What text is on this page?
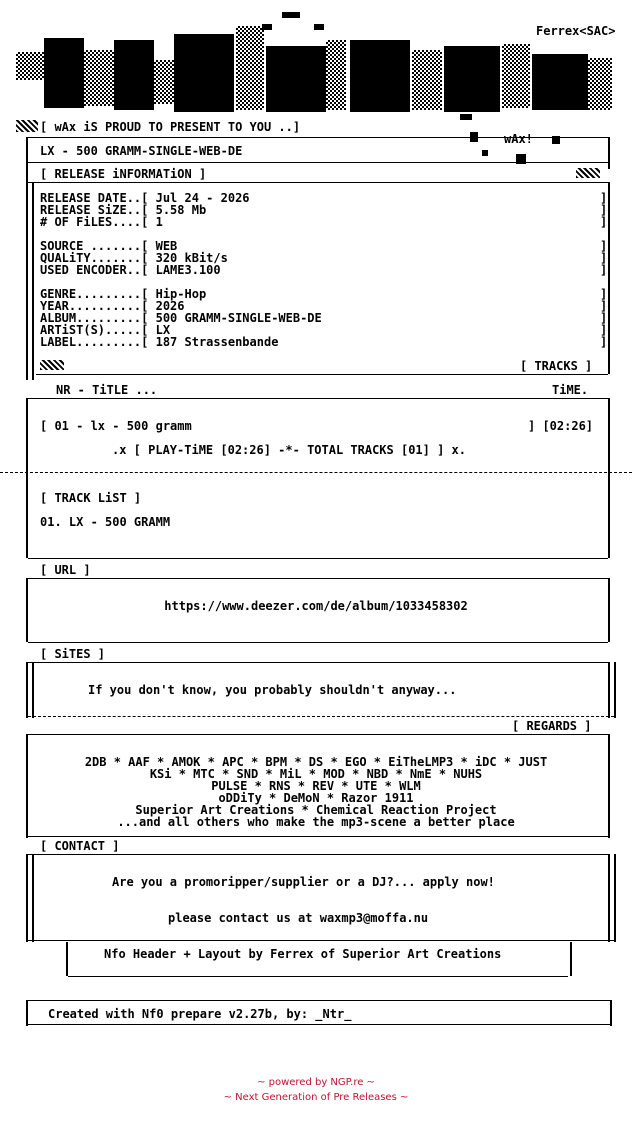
Ferrex<SAC>
[ wAx iS PROUD TO PRESENT TO YOU ..]
wAx!
LX - 500 GRAMM-SINGLE-WEB-DE
[ RELEASE iNFORMATiON ]
RELEASE DATE..[ Jul 24 - 2026
RELEASE SiZE..[ 5.58 Mb
# OF FiLES....[ 1
SOURCE .......[ WEB
QUALiTY.......[ 320 kBit/s
USED ENCODER..[ LAME3.100
GENRE.........[ Hip-Hop
YEAR..........[ 2026
ALBUM.........[ 500 GRAMM-SINGLE-WEB-DE
ARTiST(S).....[ LX
LABEL.........[ 187 Strassenbande
]
]
]
]
]
]
]
]
]
]
]
[ TRACKS ]
NR - TiTLE ...	TiME.
[ 01 - lx - 500 gramm	] [02:26]
.x [ PLAY-TiME [02:26] -*- TOTAL TRACKS [01] ] x.
[ TRACK LiST ]
01. LX - 500 GRAMM
[ URL ]
https://www.deezer.com/de/album/1033458302
[ SiTES ]
If you don't know, you probably shouldn't anyway...
[ REGARDS ]
2DB * AAF * AMOK * APC * BPM * DS * EGO * EiTheLMP3 * iDC * JUST
KSi * MTC * SND * MiL * MOD * NBD * NmE * NUHS
PULSE * RNS * REV * UTE * WLM
oDDiTy * DeMoN * Razor 1911
Superior Art Creations * Chemical Reaction Project
...and all others who make the mp3-scene a better place
[ CONTACT ]
Are you a promoripper/supplier or a DJ?... apply now!
please contact us at waxmp3@moffa.nu
Nfo Header + Layout by Ferrex of Superior Art Creations
Created with Nf0 prepare v2.27b, by: _Ntr_
~ powered by NGP.re ~
~ Next Generation of Pre Releases ~
